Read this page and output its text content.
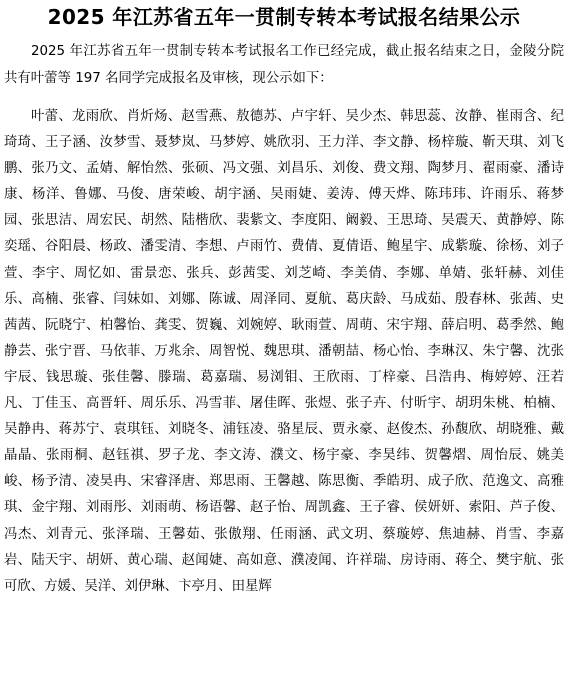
2025 年江苏省五年一贯制专转本考试报名结果公示

2025 年江苏省五年一贯制专转本考试报名工作已经完成，截止报名结束之日，金陵分院共有叶蕾等 197 名同学完成报名及审核，现公示如下：

叶蕾、龙雨欣、肖炘炀、赵雪燕、敖德苏、卢宇轩、吴少杰、韩思蕊、汝静、崔雨含、纪琦琦、王子涵、汝梦雪、聂梦岚、马梦婷、姚欣羽、王力洋、李文静、杨梓璇、靳天琪、刘飞鹏、张乃文、孟婧、解怡然、张硕、冯文强、刘昌乐、刘俊、费文翔、陶梦月、翟雨豪、潘诗康、杨洋、鲁娜、马俊、唐荣峻、胡宇涵、吴雨婕、姜涛、傅天烨、陈玮玮、许雨乐、蒋梦园、张思洁、周宏民、胡然、陆楷欣、裴紫文、李度阳、阚毅、王思琦、吴震天、黄静婷、陈奕瑶、谷阳晨、杨政、潘雯清、李想、卢雨竹、费倩、夏倩语、鲍星宇、成紫璇、徐杨、刘子萱、李宇、周忆如、雷景恋、张兵、彭茜雯、刘芝崎、李美倩、李娜、单婧、张轩赫、刘佳乐、高楠、张睿、闫妹如、刘娜、陈诚、周泽同、夏航、葛庆龄、马成茹、殷春林、张茜、史茜茜、阮晓宁、柏馨怡、龚雯、贺巍、刘婉婷、耿雨萱、周萌、宋宇翔、薛启明、葛季然、鲍静芸、张宁晋、马依菲、万兆余、周智悦、魏思琪、潘朝喆、杨心怡、李琳汉、朱宁馨、沈张宇辰、钱思璇、张佳馨、滕瑞、葛嘉瑞、易浏钼、王欣雨、丁梓豪、吕浩冉、梅婷婷、汪若凡、丁佳玉、高晋轩、周乐乐、冯雪菲、屠佳晖、张煜、张子卉、付昕宇、胡玥朱桃、柏楠、吴静冉、蒋苏宁、袁琪钰、刘晓冬、浦钰凌、骆星辰、贾永豪、赵俊杰、孙馥欣、胡晓雅、戴晶晶、张雨桐、赵钰祺、罗子龙、李文涛、濮文、杨宇豪、李昊纬、贺馨熠、周怡辰、姚美峻、杨予清、凌昊冉、宋睿泽唐、郑思雨、王馨越、陈思衡、季皓玥、成子欣、范逸文、高雅琪、金宇翔、刘雨彤、刘雨萌、杨语馨、赵子怡、周凯鑫、王子睿、侯妍妍、索阳、芦子俊、冯杰、刘青元、张泽瑞、王馨茹、张傲翔、任雨涵、武文玥、蔡璇婷、焦迪赫、肖雪、李嘉岩、陆天宇、胡妍、黄心瑞、赵闻婕、高如意、濮凌闻、许祥瑞、房诗雨、蒋仝、樊宇航、张可欣、方媛、吴洋、刘伊琳、卞亭月、田星辉
